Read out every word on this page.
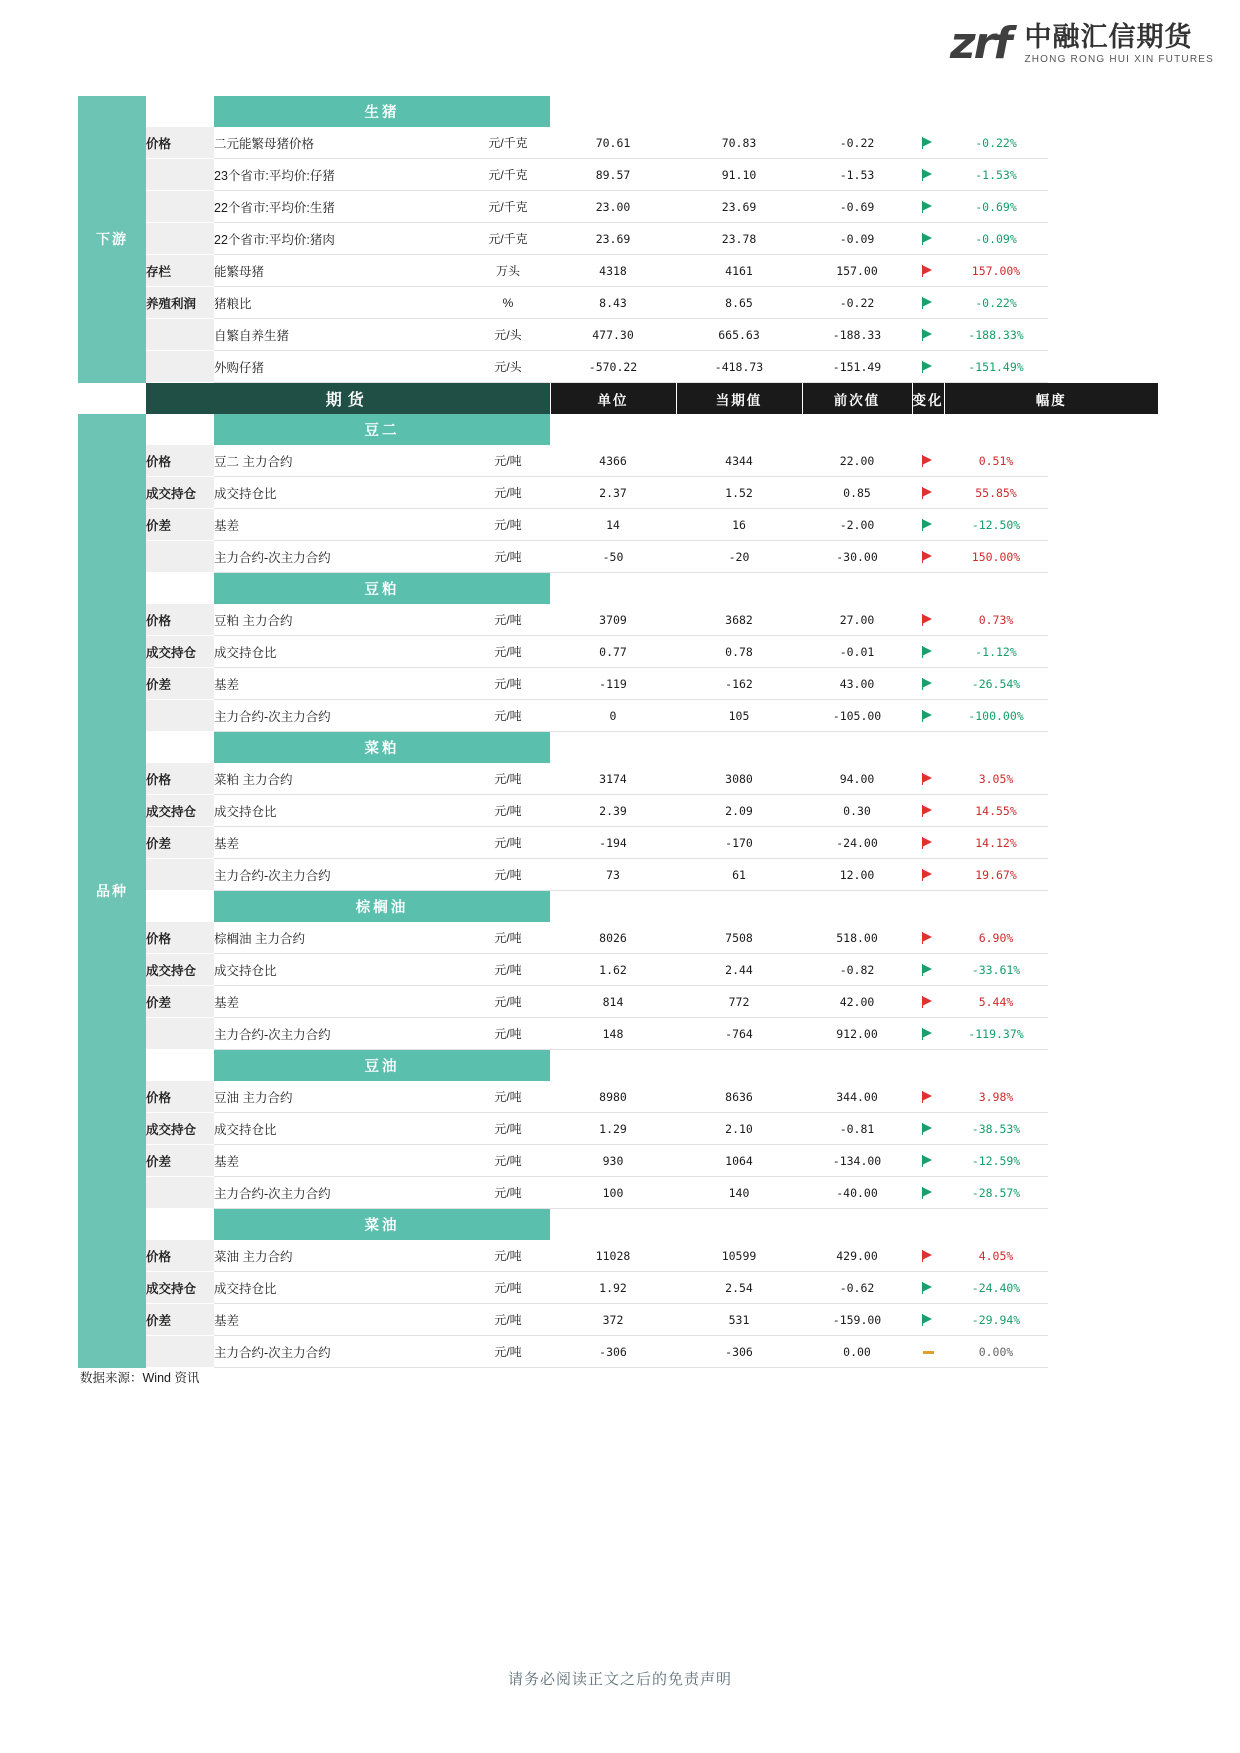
zrf 中融汇信期货
ZHONG RONG HUI XIN FUTURES
下游		生猪						
	价格	二元能繁母猪价格	元/千克	70.61	70.83	-0.22		-0.22%
		23个省市:平均价:仔猪	元/千克	89.57	91.10	-1.53		-1.53%
		22个省市:平均价:生猪	元/千克	23.00	23.69	-0.69		-0.69%
		22个省市:平均价:猪肉	元/千克	23.69	23.78	-0.09		-0.09%
	存栏	能繁母猪	万头	4318	4161	157.00		157.00%
	养殖利润	猪粮比	%	8.43	8.65	-0.22		-0.22%
		自繁自养生猪	元/头	477.30	665.63	-188.33		-188.33%
		外购仔猪	元/头	-570.22	-418.73	-151.49		-151.49%
	期货			单位	当期值	前次值	变化	幅度
品种		豆二						
	价格	豆二 主力合约	元/吨	4366	4344	22.00		0.51%
	成交持仓	成交持仓比	元/吨	2.37	1.52	0.85		55.85%
	价差	基差	元/吨	14	16	-2.00		-12.50%
		主力合约-次主力合约	元/吨	-50	-20	-30.00		150.00%
		豆粕						
	价格	豆粕 主力合约	元/吨	3709	3682	27.00		0.73%
	成交持仓	成交持仓比	元/吨	0.77	0.78	-0.01		-1.12%
	价差	基差	元/吨	-119	-162	43.00		-26.54%
		主力合约-次主力合约	元/吨	0	105	-105.00		-100.00%
		菜粕						
	价格	菜粕 主力合约	元/吨	3174	3080	94.00		3.05%
	成交持仓	成交持仓比	元/吨	2.39	2.09	0.30		14.55%
	价差	基差	元/吨	-194	-170	-24.00		14.12%
		主力合约-次主力合约	元/吨	73	61	12.00		19.67%
		棕榈油						
	价格	棕榈油 主力合约	元/吨	8026	7508	518.00		6.90%
	成交持仓	成交持仓比	元/吨	1.62	2.44	-0.82		-33.61%
	价差	基差	元/吨	814	772	42.00		5.44%
		主力合约-次主力合约	元/吨	148	-764	912.00		-119.37%
		豆油						
	价格	豆油 主力合约	元/吨	8980	8636	344.00		3.98%
	成交持仓	成交持仓比	元/吨	1.29	2.10	-0.81		-38.53%
	价差	基差	元/吨	930	1064	-134.00		-12.59%
		主力合约-次主力合约	元/吨	100	140	-40.00		-28.57%
		菜油						
	价格	菜油 主力合约	元/吨	11028	10599	429.00		4.05%
	成交持仓	成交持仓比	元/吨	1.92	2.54	-0.62		-24.40%
	价差	基差	元/吨	372	531	-159.00		-29.94%
		主力合约-次主力合约	元/吨	-306	-306	0.00		0.00%
数据来源：Wind 资讯
请务必阅读正文之后的免责声明
